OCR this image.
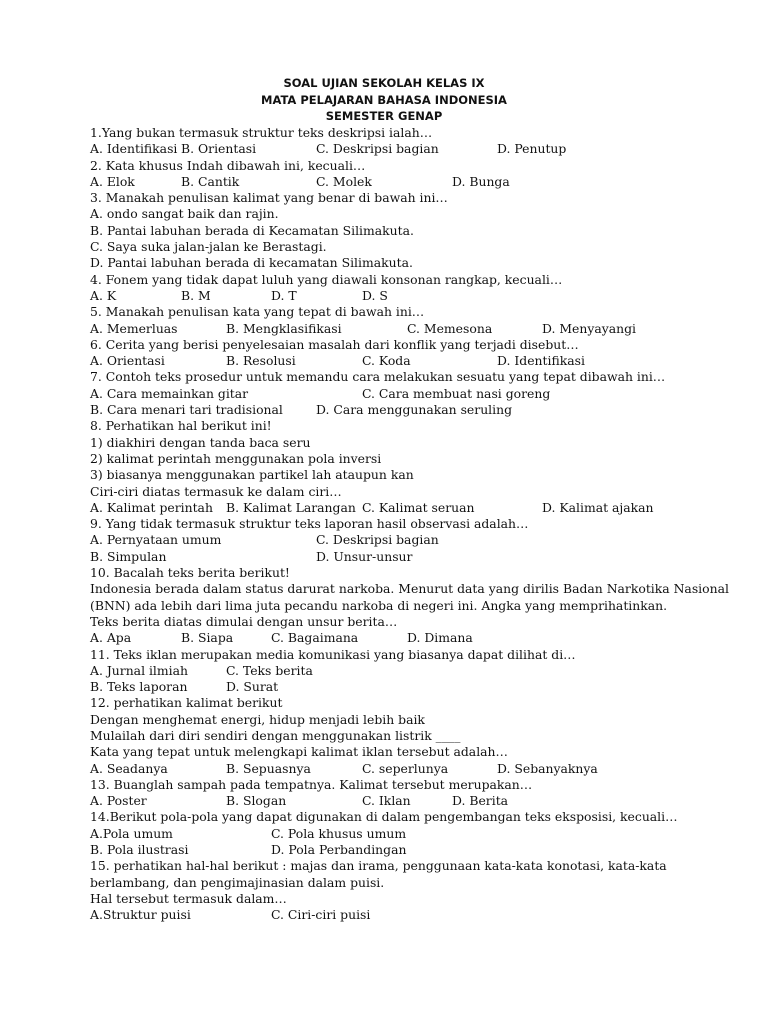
SOAL UJIAN SEKOLAH KELAS IX
MATA PELAJARAN BAHASA INDONESIA
SEMESTER GENAP
1.Yang bukan termasuk struktur teks deskripsi ialah…
A. Identifikasi B. Orientasi	C. Deskripsi bagian	D. Penutup
2. Kata khusus Indah dibawah ini, kecuali…
A. Elok	B. Cantik	C. Molek	D. Bunga
3. Manakah penulisan kalimat yang benar di bawah ini…
A. ondo sangat baik dan rajin.
B. Pantai labuhan berada di Kecamatan Silimakuta.
C. Saya suka jalan-jalan ke Berastagi.
D. Pantai labuhan berada di kecamatan Silimakuta.
4. Fonem yang tidak dapat luluh yang diawali konsonan rangkap, kecuali…
A. K	B. M	D. T	D. S
5. Manakah penulisan kata yang tepat di bawah ini…
A. Memerluas	B. Mengklasifikasi	C. Memesona	D. Menyayangi
6. Cerita yang berisi penyelesaian masalah dari konflik yang terjadi disebut…
A. Orientasi	B. Resolusi	C. Koda	D. Identifikasi
7. Contoh teks prosedur untuk memandu cara melakukan sesuatu yang tepat dibawah ini…
A. Cara memainkan gitar	C. Cara membuat nasi goreng
B. Cara menari tari tradisional	D. Cara menggunakan seruling
8. Perhatikan hal berikut ini!
1) diakhiri dengan tanda baca seru
2) kalimat perintah menggunakan pola inversi
3) biasanya menggunakan partikel lah ataupun kan
Ciri-ciri diatas termasuk ke dalam ciri…
A. Kalimat perintah B. Kalimat Larangan C. Kalimat seruan	D. Kalimat ajakan
9. Yang tidak termasuk struktur teks laporan hasil observasi adalah…
A. Pernyataan umum	C. Deskripsi bagian
B. Simpulan	D. Unsur-unsur
10. Bacalah teks berita berikut!
Indonesia berada dalam status darurat narkoba. Menurut data yang dirilis Badan Narkotika Nasional (BNN) ada lebih dari lima juta pecandu narkoba di negeri ini. Angka yang memprihatinkan.
Teks berita diatas dimulai dengan unsur berita…
A. Apa	B. Siapa	C. Bagaimana	D. Dimana
11. Teks iklan merupakan media komunikasi yang biasanya dapat dilihat di…
A. Jurnal ilmiah	C. Teks berita
B. Teks laporan	D. Surat
12. perhatikan kalimat berikut
Dengan menghemat energi, hidup menjadi lebih baik
Mulailah dari diri sendiri dengan menggunakan listrik ____
Kata yang tepat untuk melengkapi kalimat iklan tersebut adalah…
A. Seadanya	B. Sepuasnya	C. seperlunya	D. Sebanyaknya
13. Buanglah sampah pada tempatnya. Kalimat tersebut merupakan…
A. Poster	B. Slogan	C. Iklan	D. Berita
14.Berikut pola-pola yang dapat digunakan di dalam pengembangan teks eksposisi, kecuali…
A.Pola umum	C. Pola khusus umum
B. Pola ilustrasi	D. Pola Perbandingan
15. perhatikan hal-hal berikut : majas dan irama, penggunaan kata-kata konotasi, kata-kata berlambang, dan pengimajinasian dalam puisi.
Hal tersebut termasuk dalam…
A.Struktur puisi	C. Ciri-ciri puisi
